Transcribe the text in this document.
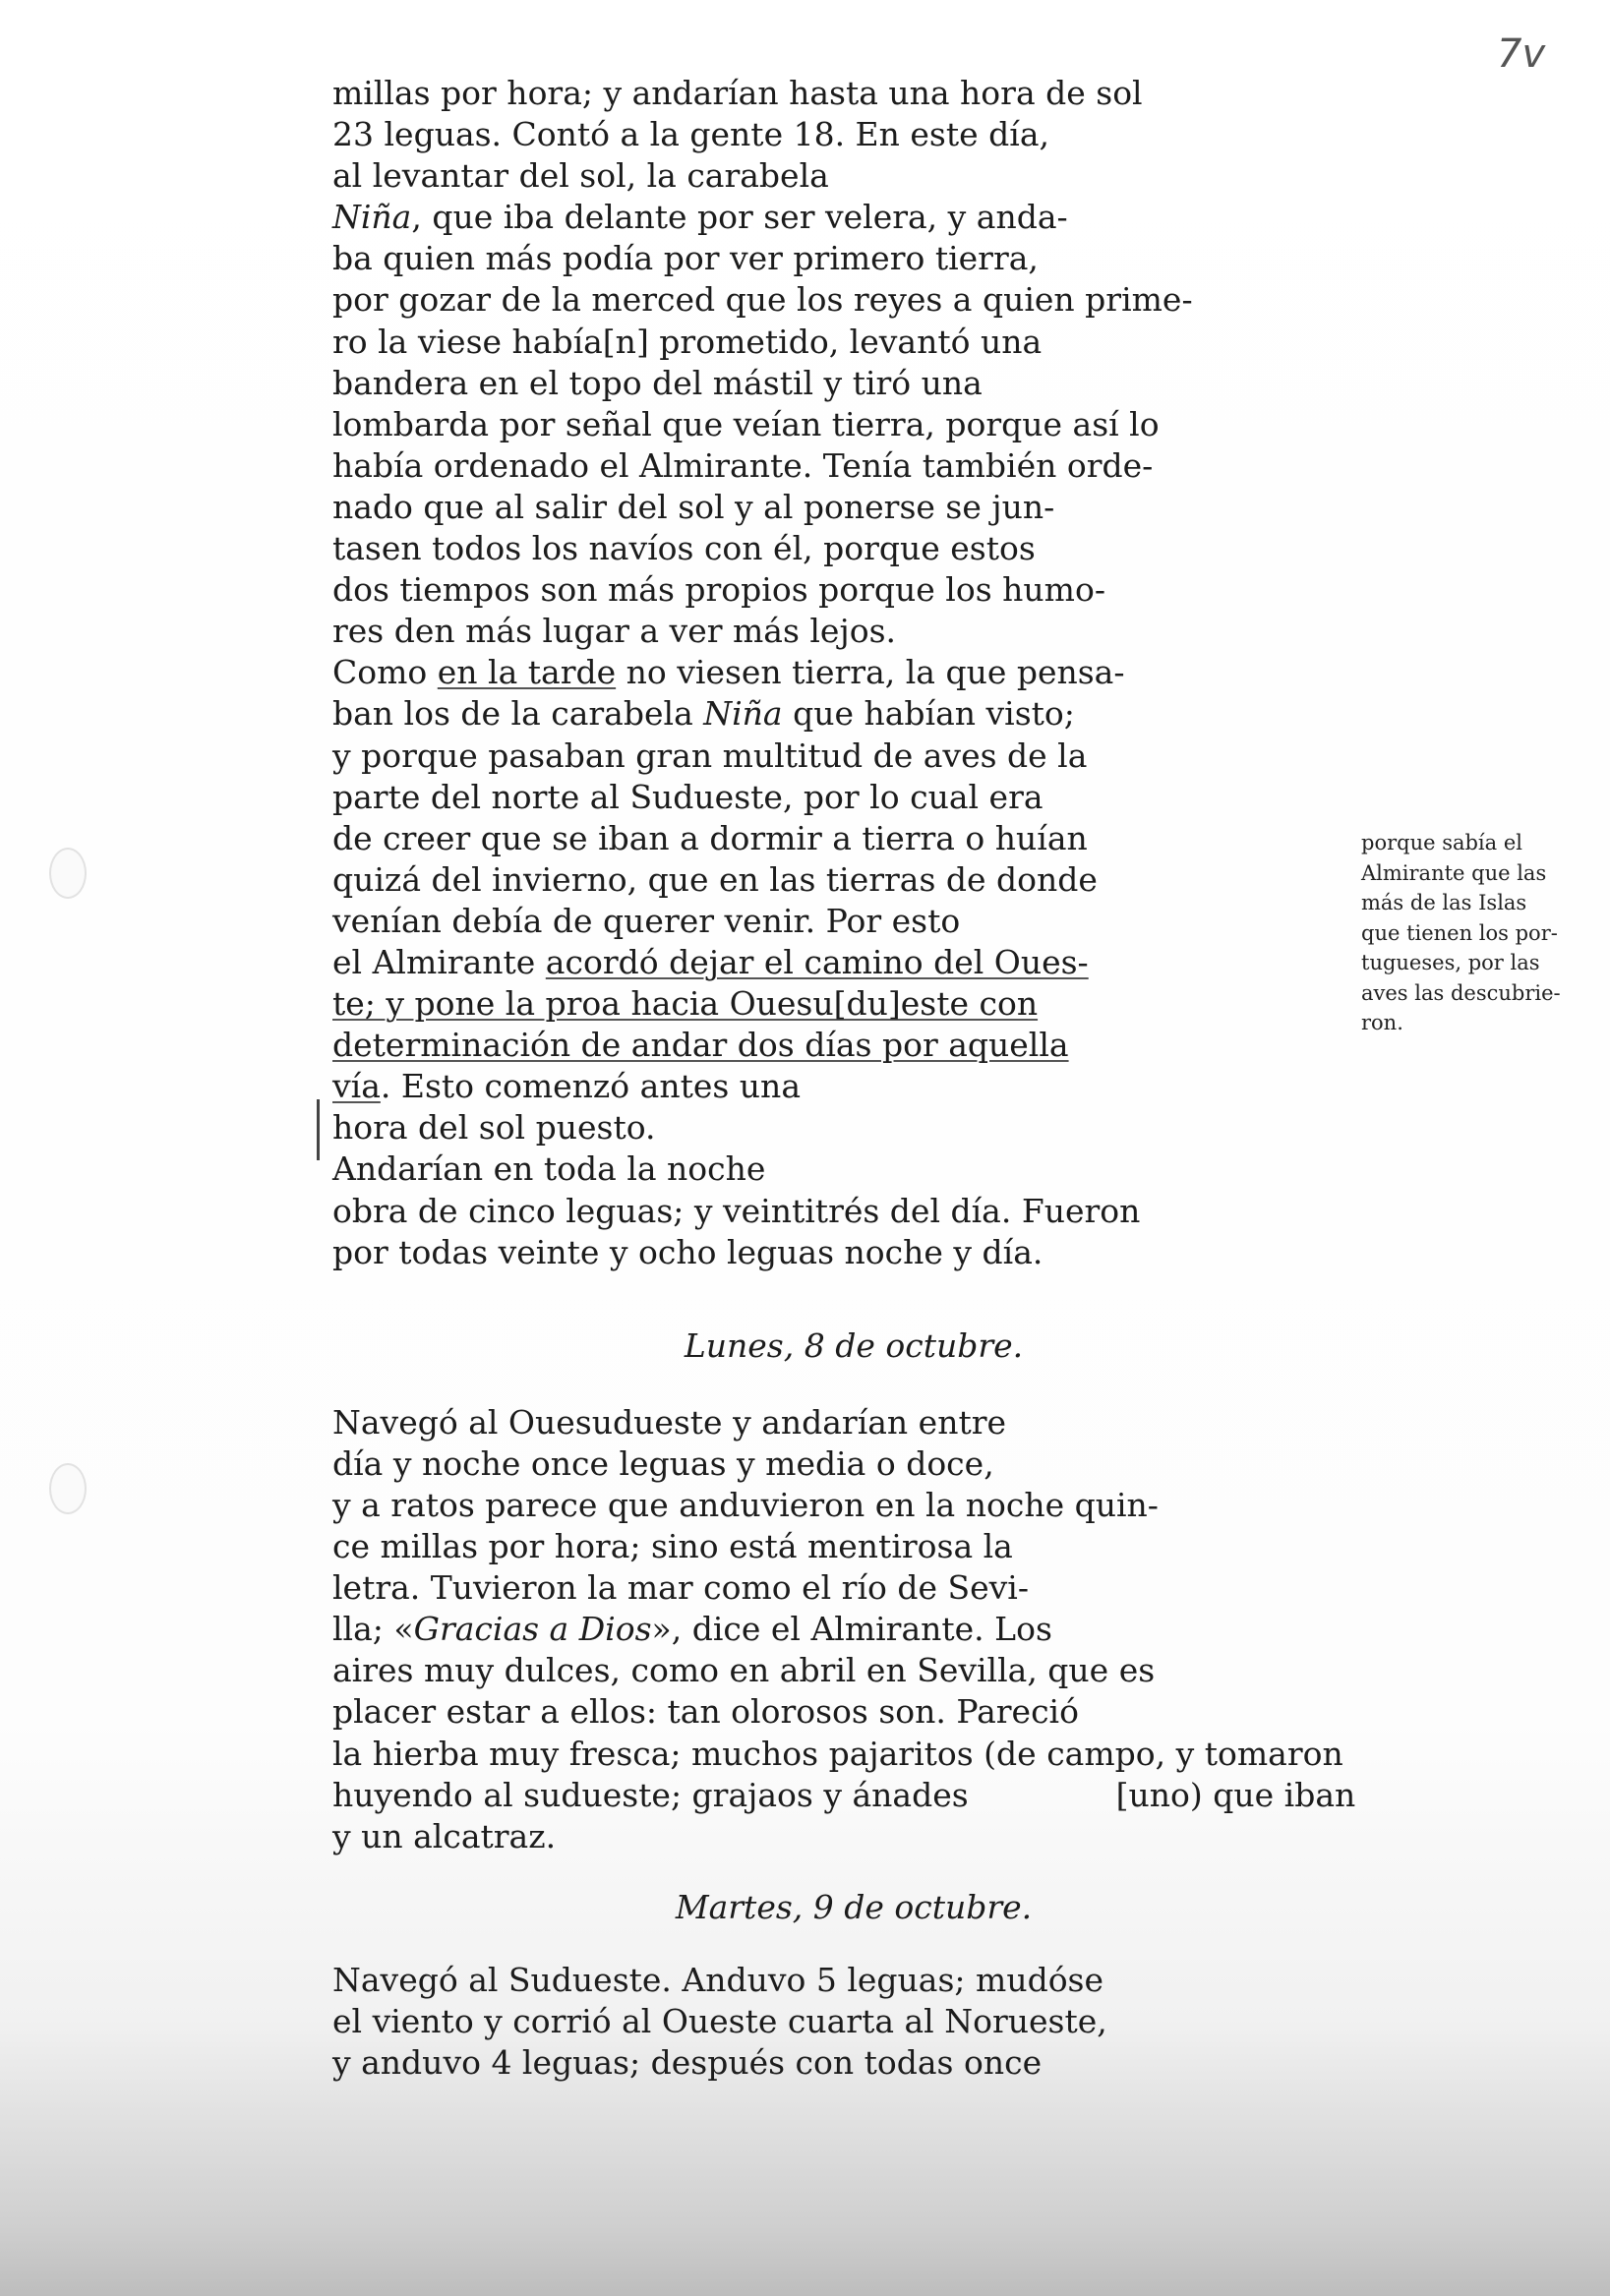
7v
millas por hora; y andarían hasta una hora de sol
23 leguas. Contó a la gente 18. En este día,
al levantar del sol, la carabela
Niña, que iba delante por ser velera, y anda-
ba quien más podía por ver primero tierra,
por gozar de la merced que los reyes a quien prime-
ro la viese había[n] prometido, levantó una
bandera en el topo del mástil y tiró una
lombarda por señal que veían tierra, porque así lo
había ordenado el Almirante. Tenía también orde-
nado que al salir del sol y al ponerse se jun-
tasen todos los navíos con él, porque estos
dos tiempos son más propios porque los humo-
res den más lugar a ver más lejos.
Como en la tarde no viesen tierra, la que pensa-
ban los de la carabela Niña que habían visto;
y porque pasaban gran multitud de aves de la
parte del norte al Sudueste, por lo cual era
de creer que se iban a dormir a tierra o huían
quizá del invierno, que en las tierras de donde
venían debía de querer venir. Por esto
el Almirante acordó dejar el camino del Oues-
te; y pone la proa hacia Ouesu[du]este con
determinación de andar dos días por aquella
vía. Esto comenzó antes una
hora del sol puesto.
Andarían en toda la noche
obra de cinco leguas; y veintitrés del día. Fueron
por todas veinte y ocho leguas noche y día.
Lunes, 8 de octubre.
Navegó al Ouesudueste y andarían entre
día y noche once leguas y media o doce,
y a ratos parece que anduvieron en la noche quin-
ce millas por hora; sino está mentirosa la
letra. Tuvieron la mar como el río de Sevi-
lla; «Gracias a Dios», dice el Almirante. Los
aires muy dulces, como en abril en Sevilla, que es
placer estar a ellos: tan olorosos son. Pareció
la hierba muy fresca; muchos pajaritos (de campo, y tomaron
huyendo al sudueste; grajaos y ánades	[uno) que iban
y un alcatraz.
Martes, 9 de octubre.
Navegó al Sudueste. Anduvo 5 leguas; mudóse
el viento y corrió al Oueste cuarta al Norueste,
y anduvo 4 leguas; después con todas once
porque sabía el
Almirante que las
más de las Islas
que tienen los por-
tugueses, por las
aves las descubrie-
ron.
